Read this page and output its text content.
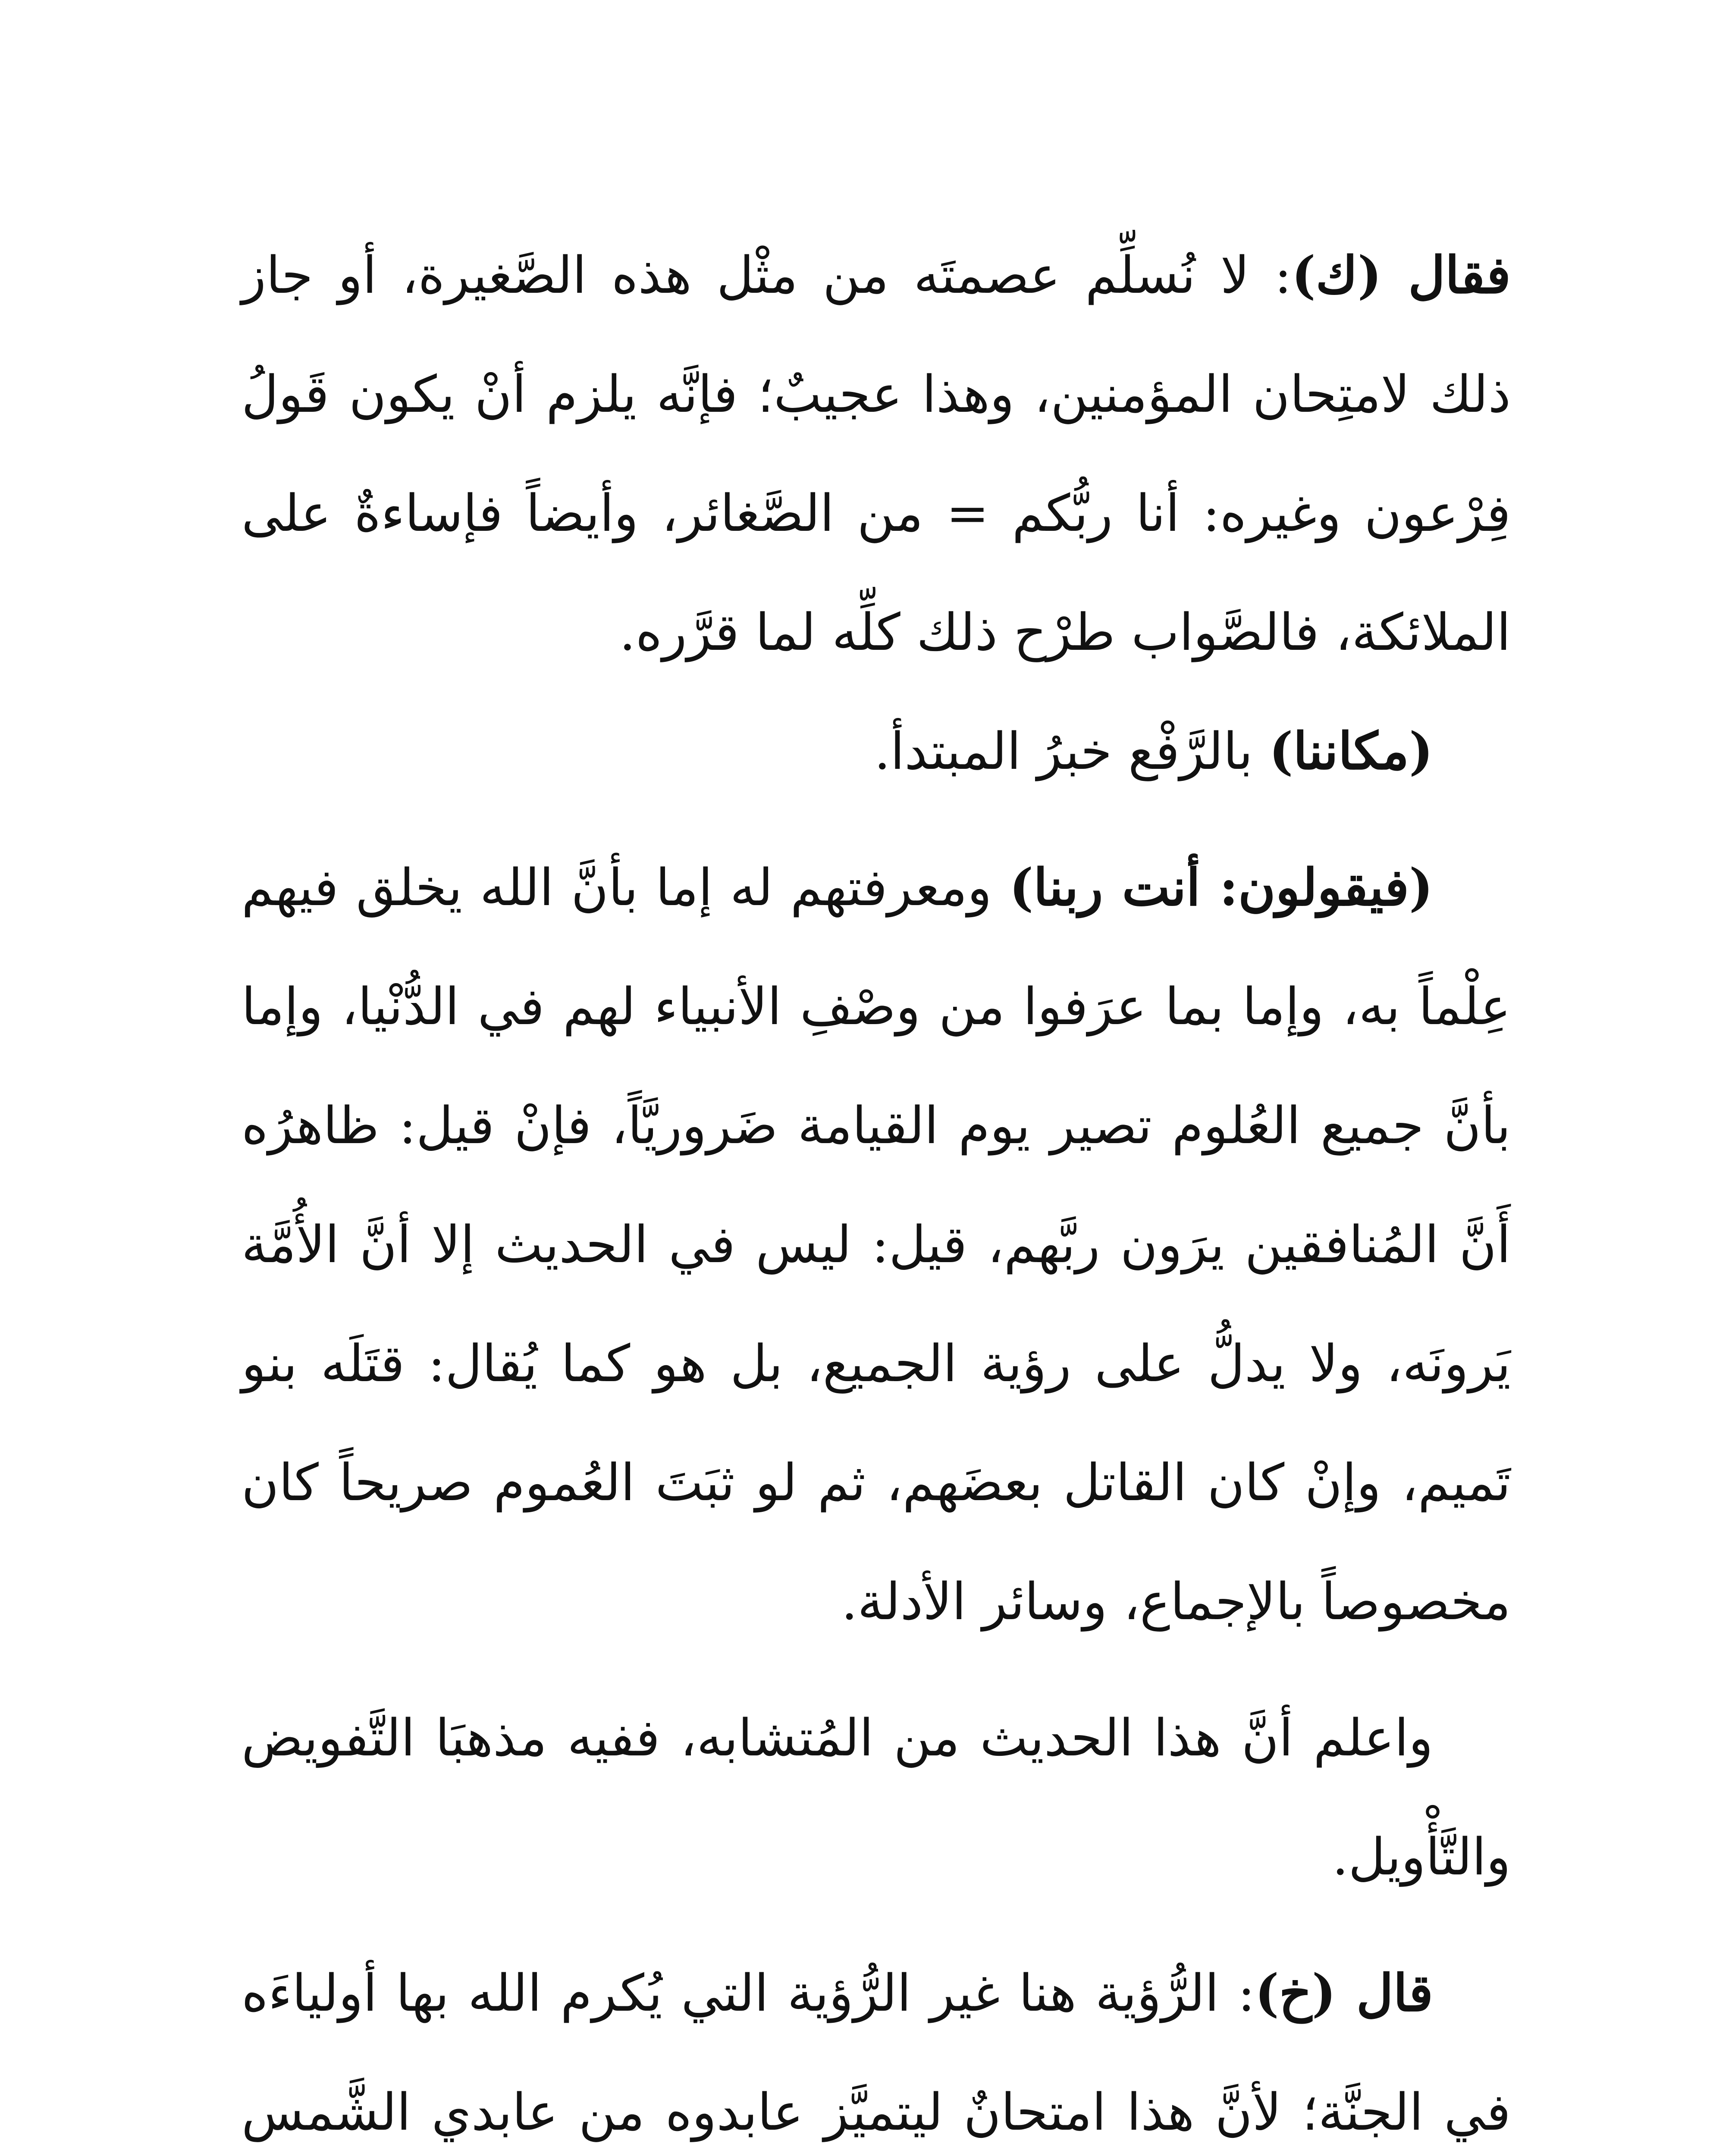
فقال (ك): لا نُسلِّم عصمتَه من مثْل هذه الصَّغيرة، أو جاز ذلك لامتِحان المؤمنين، وهذا عجيبٌ؛ فإنَّه يلزم أنْ يكون قَولُ فِرْعون وغيره: أنا ربُّكم = من الصَّغائر، وأيضاً فإساءةٌ على الملائكة، فالصَّواب طرْح ذلك كلِّه لما قرَّره.

(مكاننا) بالرَّفْع خبرُ المبتدأ.

(فيقولون: أنت ربنا) ومعرفتهم له إما بأنَّ الله يخلق فيهم عِلْماً به، وإما بما عرَفوا من وصْفِ الأنبياء لهم في الدُّنْيا، وإما بأنَّ جميع العُلوم تصير يوم القيامة ضَروريَّاً، فإنْ قيل: ظاهرُه أَنَّ المُنافقين يرَون ربَّهم، قيل: ليس في الحديث إلا أنَّ الأُمَّة يَرونَه، ولا يدلُّ على رؤية الجميع، بل هو كما يُقال: قتَلَه بنو تَميم، وإنْ كان القاتل بعضَهم، ثم لو ثبَتَ العُموم صريحاً كان مخصوصاً بالإجماع، وسائر الأدلة.

واعلم أنَّ هذا الحديث من المُتشابه، ففيه مذهبَا التَّفويض والتَّأْويل.

قال (خ): الرُّؤية هنا غير الرُّؤية التي يُكرم الله بها أولياءَه في الجنَّة؛ لأنَّ هذا امتحانٌ ليتميَّز عابدوه من عابدي الشَّمس
